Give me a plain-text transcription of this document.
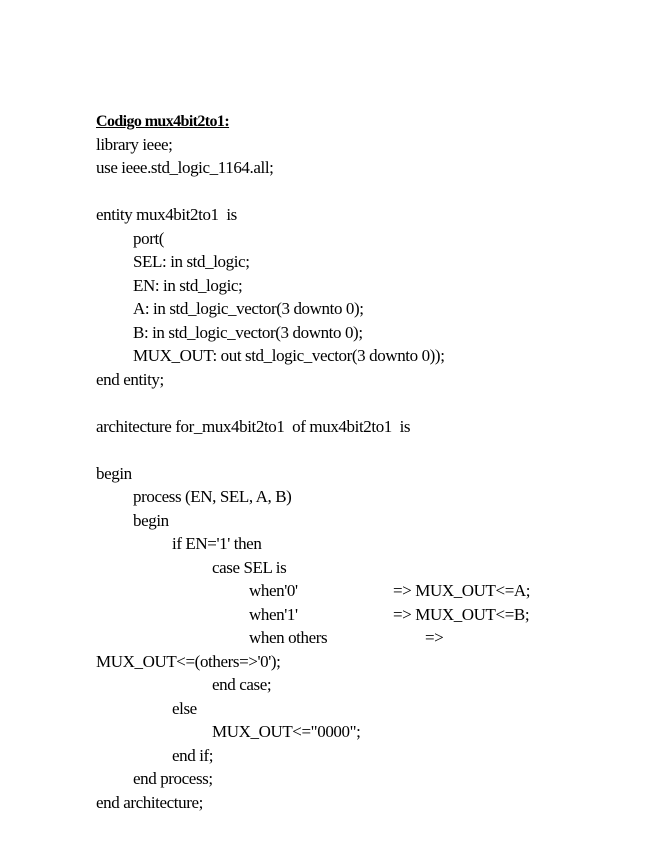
Codigo mux4bit2to1:
library ieee;
use ieee.std_logic_1164.all;
entity mux4bit2to1  is
port(
SEL: in std_logic;
EN: in std_logic;
A: in std_logic_vector(3 downto 0);
B: in std_logic_vector(3 downto 0);
MUX_OUT: out std_logic_vector(3 downto 0));
end entity;
architecture for_mux4bit2to1  of mux4bit2to1  is
begin
process (EN, SEL, A, B)
begin
if EN='1' then
case SEL is
when'0'	=> MUX_OUT<=A;
when'1'	=> MUX_OUT<=B;
when others	=>
MUX_OUT<=(others=>'0');
end case;
else
MUX_OUT<="0000";
end if;
end process;
end architecture;
